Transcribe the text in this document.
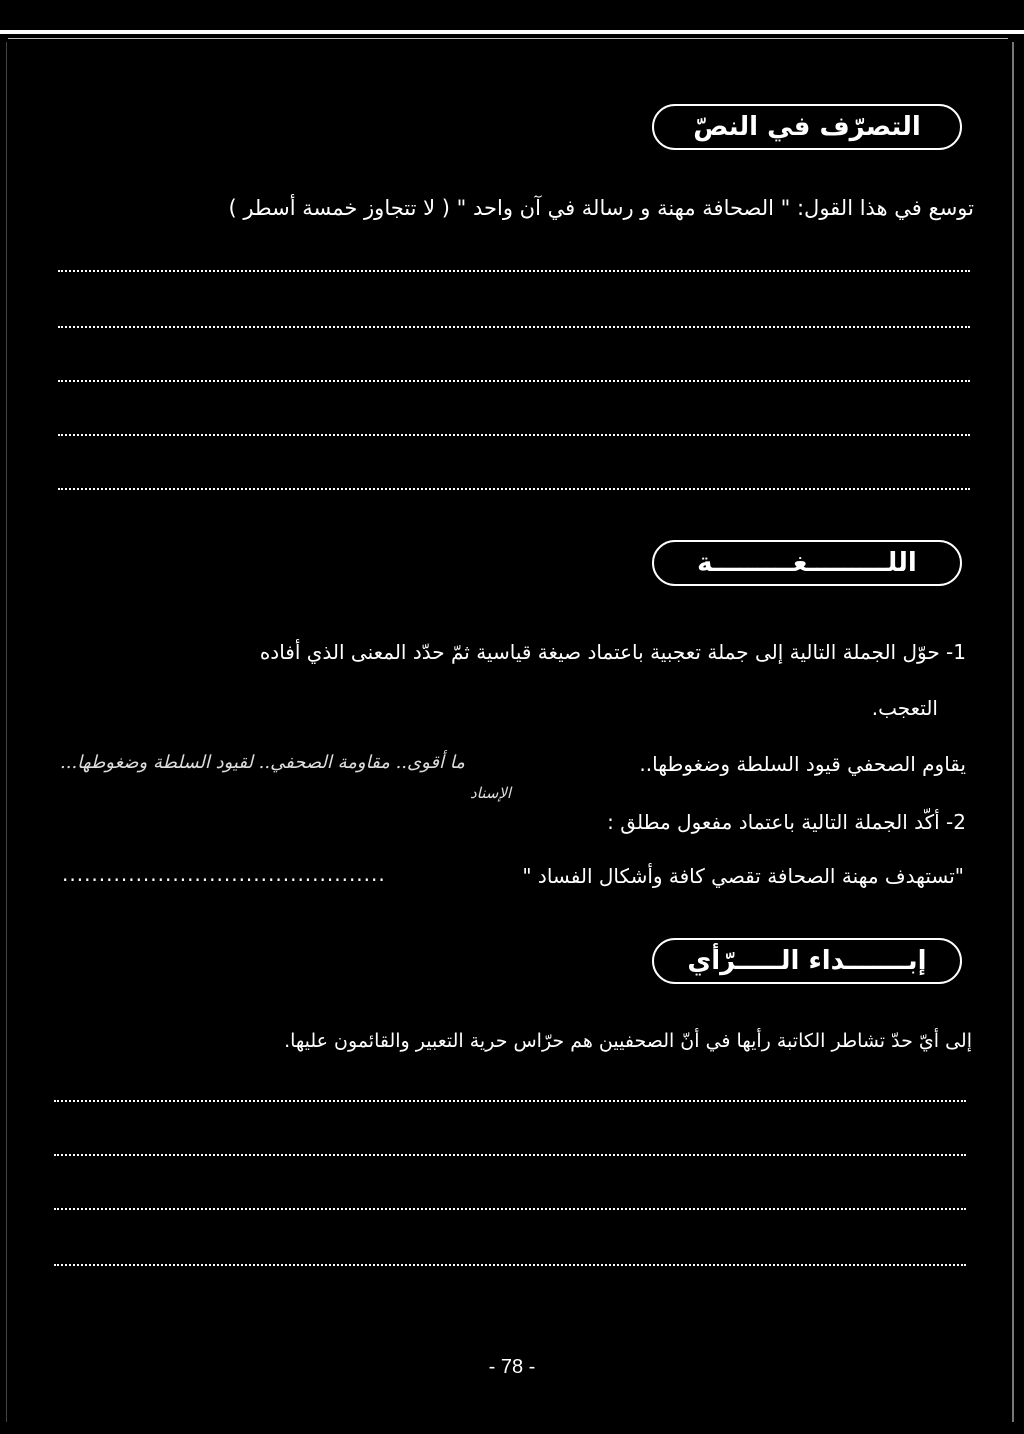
التصرّف في النصّ
توسع في هذا القول: " الصحافة مهنة و رسالة في آن واحد " ( لا تتجاوز خمسة أسطر )
اللـــــــــغـــــــــة
1- حوّل الجملة التالية إلى جملة تعجبية باعتماد صيغة قياسية ثمّ حدّد المعنى الذي أفاده
التعجب.
يقاوم الصحفي قيود السلطة وضغوطها..
ما أقوى.. مقاومة الصحفي.. لقيود السلطة وضغوطها...
الإسناد
2- أكّد الجملة التالية باعتماد مفعول مطلق :
"تستهدف مهنة الصحافة تقصي كافة وأشكال الفساد "
............................................
إبـــــــداء الـــــرّأي
إلى أيّ حدّ تشاطر الكاتبة رأيها في أنّ الصحفيين هم حرّاس حرية التعبير والقائمون عليها.
- 78 -
